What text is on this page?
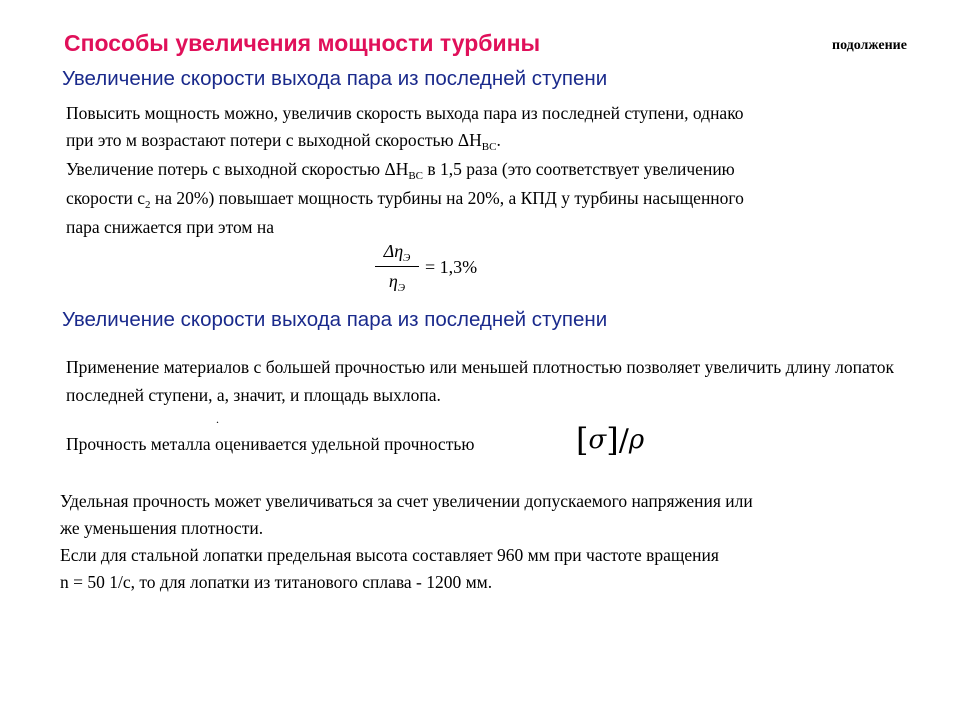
Способы увеличения мощности турбины	подолжение
Увеличение скорости выхода пара из последней ступени
Повысить мощность можно, увеличив скорость выхода пара из последней ступени, однако
при это м возрастают потери с выходной скоростью $\Delta H_{ВС}$.
Увеличение потерь с выходной скоростью $\Delta H_{ВС}$ в 1,5 раза (это соответствует увеличению
скорости $с_2$ на 20%) повышает мощность турбины на 20%, а КПД у турбины насыщенного
пара снижается при этом на
$\frac{\Delta\eta_Э}{\eta_Э} = 1,3\%$
Увеличение скорости выхода пара из последней ступени
Применение материалов с большей прочностью или меньшей плотностью позволяет увеличить длину лопаток последней ступени, а, значит, и площадь выхлопа.
.
Прочность металла оценивается удельной прочностью	[σ]/ρ
Удельная прочность может увеличиваться за счет увеличении допускаемого напряжения или
же уменьшения плотности.
Если для стальной лопатки предельная высота составляет 960 мм при частоте вращения
n = 50 1/с, то для лопатки из титанового сплава - 1200 мм.
